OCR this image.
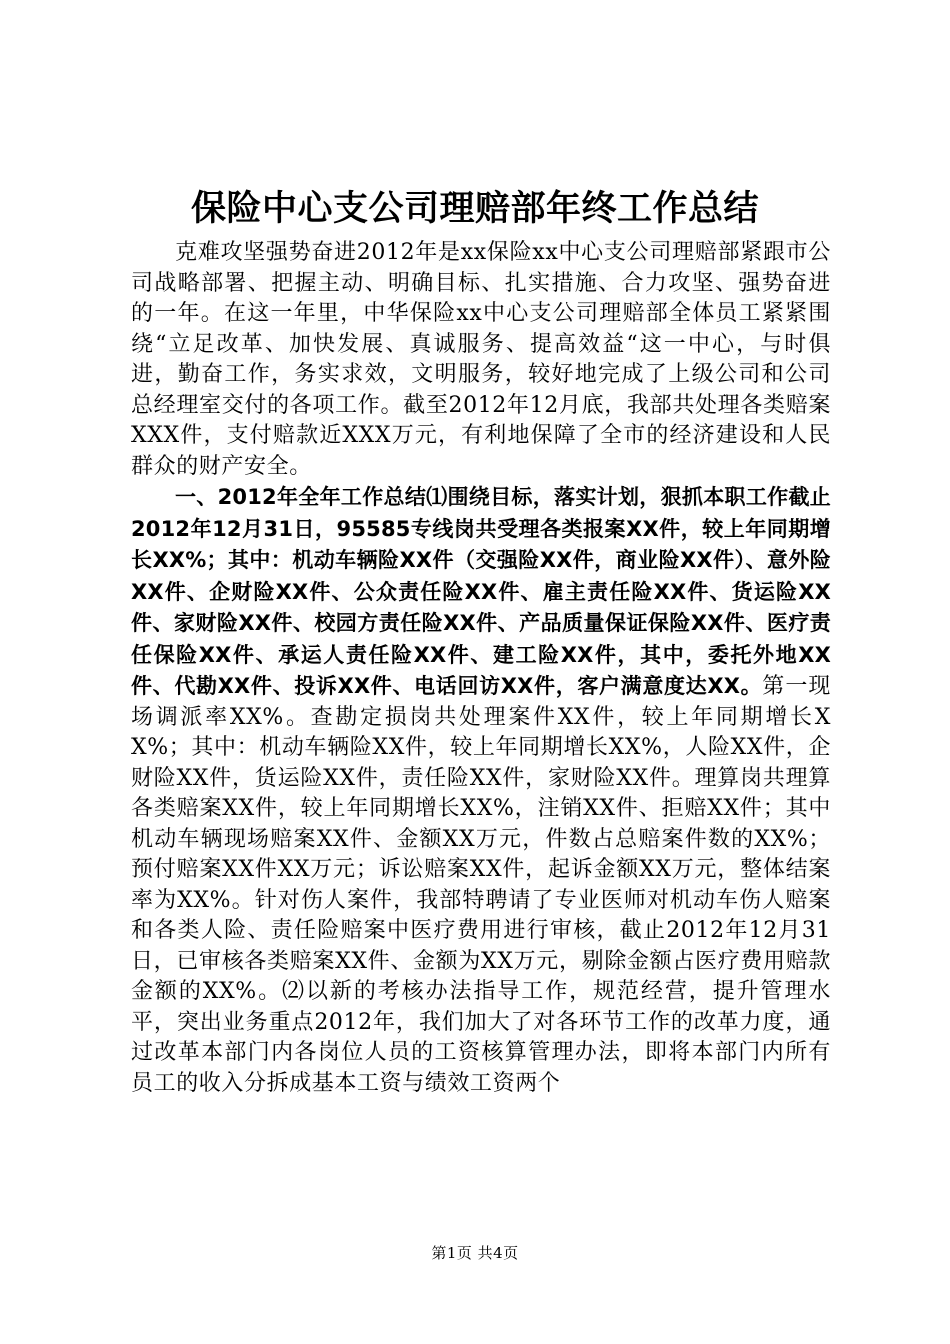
保险中心支公司理赔部年终工作总结

克难攻坚强势奋进2012年是xx保险xx中心支公司理赔部紧跟市公司战略部署、把握主动、明确目标、扎实措施、合力攻坚、强势奋进的一年。在这一年里，中华保险xx中心支公司理赔部全体员工紧紧围绕“立足改革、加快发展、真诚服务、提高效益“这一中心，与时俱进，勤奋工作，务实求效，文明服务，较好地完成了上级公司和公司总经理室交付的各项工作。截至2012年12月底，我部共处理各类赔案XXX件，支付赔款近XXX万元，有利地保障了全市的经济建设和人民群众的财产安全。

一、2012年全年工作总结⑴围绕目标，落实计划，狠抓本职工作截止2012年12月31日，95585专线岗共受理各类报案XX件，较上年同期增长XX%；其中：机动车辆险XX件（交强险XX件，商业险XX件）、意外险XX件、企财险XX件、公众责任险XX件、雇主责任险XX件、货运险XX件、家财险XX件、校园方责任险XX件、产品质量保证保险XX件、医疗责任保险XX件、承运人责任险XX件、建工险XX件，其中，委托外地XX件、代勘XX件、投诉XX件、电话回访XX件，客户满意度达XX。第一现场调派率XX%。查勘定损岗共处理案件XX件，较上年同期增长XX%；其中：机动车辆险XX件，较上年同期增长XX%，人险XX件，企财险XX件，货运险XX件，责任险XX件，家财险XX件。理算岗共理算各类赔案XX件，较上年同期增长XX%，注销XX件、拒赔XX件；其中机动车辆现场赔案XX件、金额XX万元，件数占总赔案件数的XX%；预付赔案XX件XX万元；诉讼赔案XX件，起诉金额XX万元，整体结案率为XX%。针对伤人案件，我部特聘请了专业医师对机动车伤人赔案和各类人险、责任险赔案中医疗费用进行审核，截止2012年12月31日，已审核各类赔案XX件、金额为XX万元，剔除金额占医疗费用赔款金额的XX%。⑵以新的考核办法指导工作，规范经营，提升管理水平，突出业务重点2012年，我们加大了对各环节工作的改革力度，通过改革本部门内各岗位人员的工资核算管理办法，即将本部门内所有员工的收入分拆成基本工资与绩效工资两个

第1页 共4页
